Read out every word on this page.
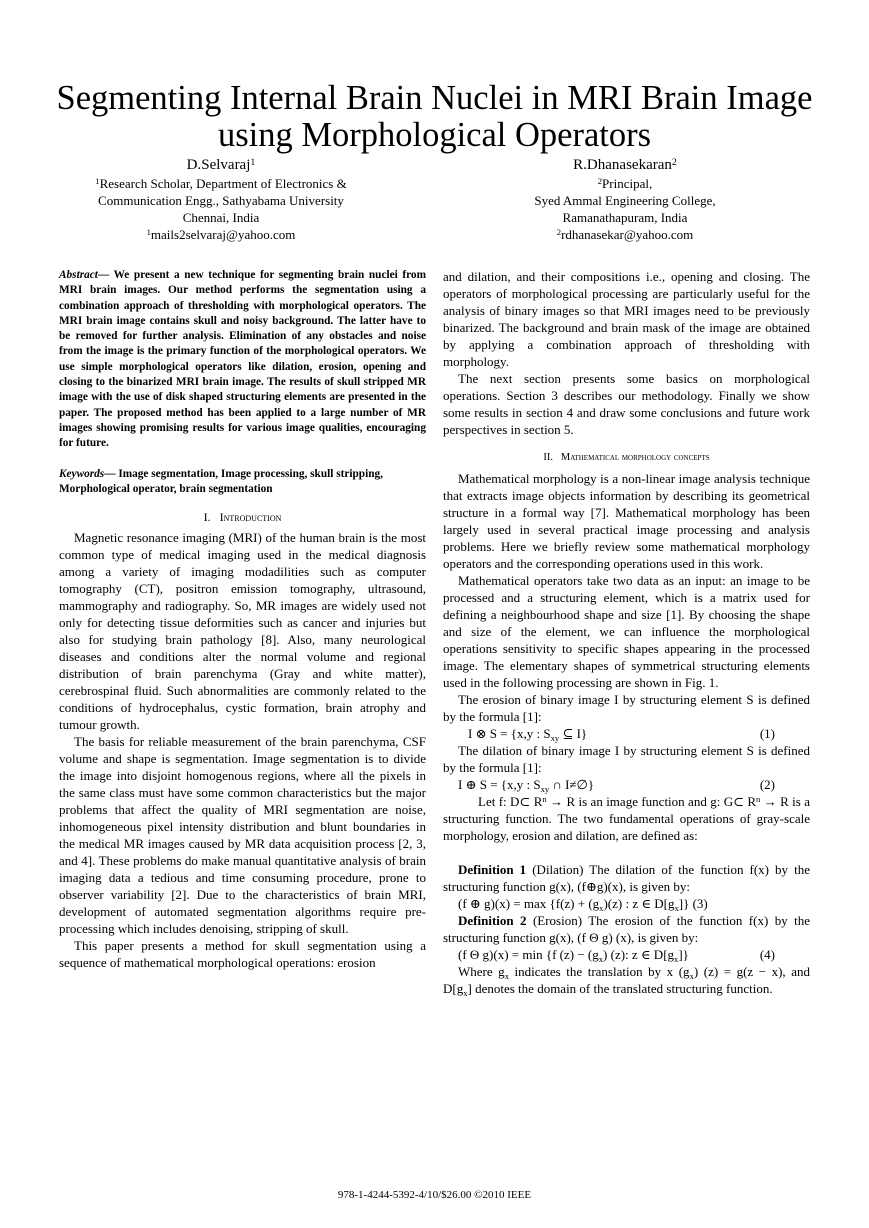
Segmenting Internal Brain Nuclei in MRI Brain Image using Morphological Operators
D.Selvaraj$^1$
$^1$Research Scholar, Department of Electronics &
Communication Engg., Sathyabama University
Chennai, India
$^1$mails2selvaraj@yahoo.com
R.Dhanasekaran$^2$
$^2$Principal,
Syed Ammal Engineering College,
Ramanathapuram, India
$^2$rdhanasekar@yahoo.com

Abstract— We present a new technique for segmenting brain nuclei from MRI brain images. Our method performs the segmentation using a combination approach of thresholding with morphological operators. The MRI brain image contains skull and noisy background. The latter have to be removed for further analysis. Elimination of any obstacles and noise from the image is the primary function of the morphological operators. We use simple morphological operators like dilation, erosion, opening and closing to the binarized MRI brain image. The results of skull stripped MR image with the use of disk shaped structuring elements are presented in the paper. The proposed method has been applied to a large number of MR images showing promising results for various image qualities, encouraging for future.

Keywords— Image segmentation, Image processing, skull stripping, Morphological operator, brain segmentation

I. Introduction

Magnetic resonance imaging (MRI) of the human brain is the most common type of medical imaging used in the medical diagnosis among a variety of imaging modadilities such as computer tomography (CT), positron emission tomography, ultrasound, mammography and radiography. So, MR images are widely used not only for detecting tissue deformities such as cancer and injuries but also for studying brain pathology [8]. Also, many neurological diseases and conditions alter the normal volume and regional distribution of brain parenchyma (Gray and white matter), cerebrospinal fluid. Such abnormalities are commonly related to the conditions of hydrocephalus, cystic formation, brain atrophy and tumour growth.

The basis for reliable measurement of the brain parenchyma, CSF volume and shape is segmentation. Image segmentation is to divide the image into disjoint homogenous regions, where all the pixels in the same class must have some common characteristics but the major problems that affect the quality of MRI segmentation are noise, inhomogeneous pixel intensity distribution and blunt boundaries in the medical MR images caused by MR data acquisition process [2, 3, and 4]. These problems do make manual quantitative analysis of brain imaging data a tedious and time consuming procedure, prone to observer variability [2]. Due to the characteristics of brain MRI, development of automated segmentation algorithms require pre-processing which includes denoising, stripping of skull.

This paper presents a method for skull segmentation using a sequence of mathematical morphological operations: erosion

and dilation, and their compositions i.e., opening and closing. The operators of morphological processing are particularly useful for the analysis of binary images so that MRI images need to be previously binarized. The background and brain mask of the image are obtained by applying a combination approach of thresholding with morphology.

The next section presents some basics on morphological operations. Section 3 describes our methodology. Finally we show some results in section 4 and draw some conclusions and future work perspectives in section 5.

II. Mathematical morphology concepts

Mathematical morphology is a non-linear image analysis technique that extracts image objects information by describing its geometrical structure in a formal way [7]. Mathematical morphology has been largely used in several practical image processing and analysis problems. Here we briefly review some mathematical morphology operators and the corresponding operations used in this work.

Mathematical operators take two data as an input: an image to be processed and a structuring element, which is a matrix used for defining a neighbourhood shape and size [1]. By choosing the shape and size of the element, we can influence the morphological operations sensitivity to specific shapes appearing in the processed image. The elementary shapes of symmetrical structuring elements used in the following processing are shown in Fig. 1.

The erosion of binary image I by structuring element S is defined by the formula [1]:

I ⊗ S = {x,y : $S_{xy}$ ⊆ I}	(1)

The dilation of binary image I by structuring element S is defined by the formula [1]:

I ⊕ S = {x,y : $S_{xy}$ ∩ I≠∅}	(2)

Let f: D⊂ $R^n \to R$ is an image function and g: G⊂ $R^n \to R$ is a structuring function. The two fundamental operations of gray-scale morphology, erosion and dilation, are defined as:

Definition 1 (Dilation) The dilation of the function f(x) by the structuring function g(x), (f⊕g)(x), is given by:

(f ⊕ $g)(x) = \max \{f(z) + (g_x)(z)$ : z ∈ $D[g_x]$} (3)

Definition 2 (Erosion) The erosion of the function f(x) by the structuring function g(x), (f Θ g) (x), is given by:

(f Θ g)(x) = min {f $(z) - (g_x)$ (z): z ∈ $D[g_x]$}	(4)

Where $g_x$ indicates the translation by x $(g_x) (z) = g(z - x)$, and $D[g_x]$ denotes the domain of the translated structuring function.

978-1-4244-5392-4/10/$26.00 ©2010 IEEE
